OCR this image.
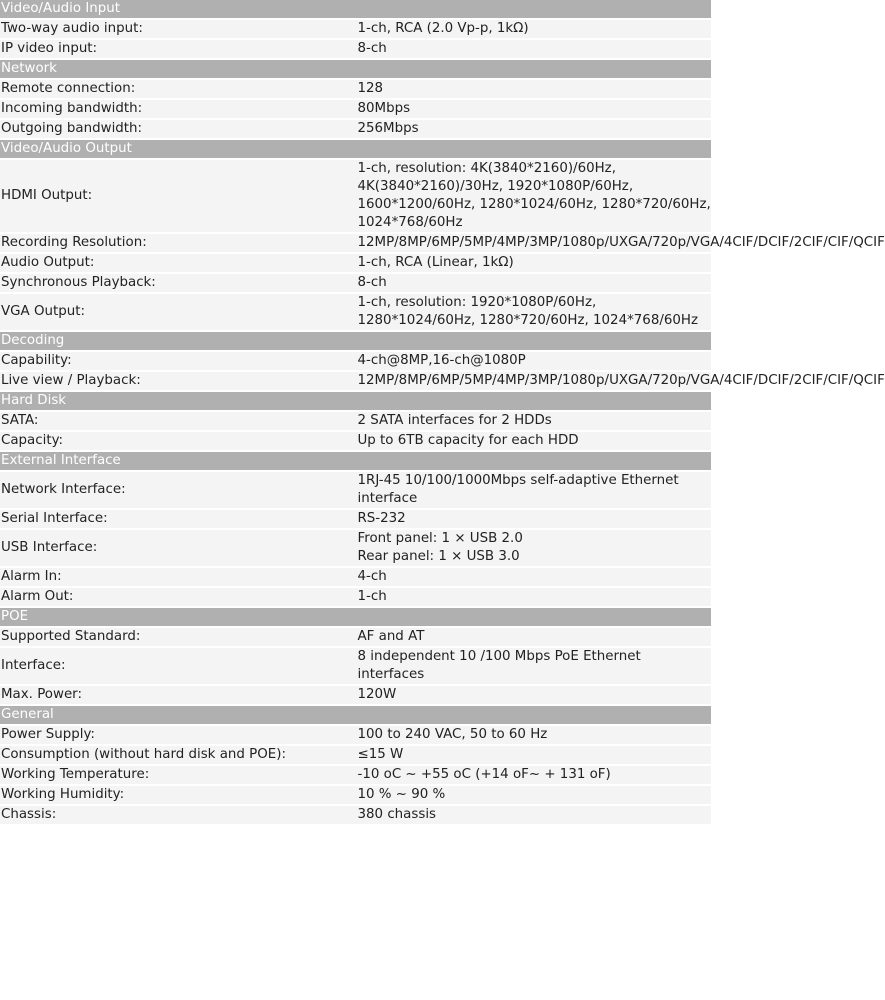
Video/Audio Input	
Two-way audio input:	1-ch, RCA (2.0 Vp-p, 1kΩ)

IP video input:	8-ch

Network	
Remote connection:	128

Incoming bandwidth:	80Mbps

Outgoing bandwidth:	256Mbps

Video/Audio Output	
HDMI Output:	1-ch, resolution: 4K(3840*2160)/60Hz, 4K(3840*2160)/30Hz, 1920*1080P/60Hz, 1600*1200/60Hz, 1280*1024/60Hz, 1280*720/60Hz, 1024*768/60Hz

Recording Resolution:	12MP/8MP/6MP/5MP/4MP/3MP/1080p/UXGA/720p/VGA/4CIF/DCIF/2CIF/CIF/QCIF

Audio Output:	1-ch, RCA (Linear, 1kΩ)

Synchronous Playback:	8-ch

VGA Output:	1-ch, resolution: 1920*1080P/60Hz, 1280*1024/60Hz, 1280*720/60Hz, 1024*768/60Hz

Decoding	
Capability:	4-ch@8MP,16-ch@1080P

Live view / Playback:	12MP/8MP/6MP/5MP/4MP/3MP/1080p/UXGA/720p/VGA/4CIF/DCIF/2CIF/CIF/QCIF

Hard Disk	
SATA:	2 SATA interfaces for 2 HDDs

Capacity:	Up to 6TB capacity for each HDD

External Interface	
Network Interface:	1RJ-45 10/100/1000Mbps self-adaptive Ethernet interface

Serial Interface:	RS-232

USB Interface:	Front panel: 1 × USB 2.0
Rear panel: 1 × USB 3.0

Alarm In:	4-ch

Alarm Out:	1-ch

POE	
Supported Standard:	AF and AT

Interface:	8 independent 10 /100 Mbps PoE Ethernet interfaces

Max. Power:	120W

General	
Power Supply:	100 to 240 VAC, 50 to 60 Hz

Consumption (without hard disk and POE):	≤15 W

Working Temperature:	-10 oC ~ +55 oC (+14 oF~ + 131 oF)

Working Humidity:	10 % ~ 90 %

Chassis:	380 chassis
